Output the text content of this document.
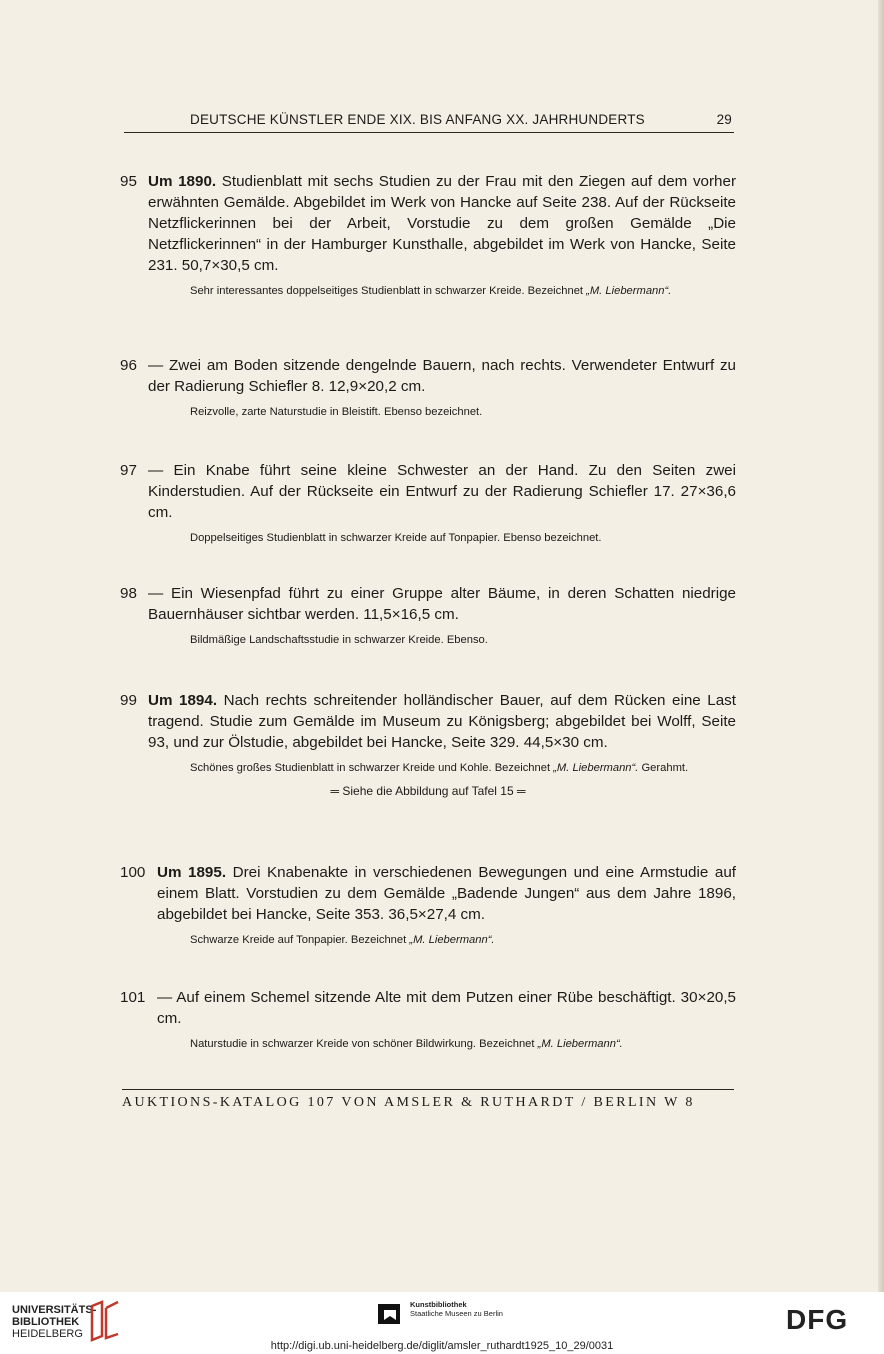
DEUTSCHE KÜNSTLER ENDE XIX. BIS ANFANG XX. JAHRHUNDERTS	29

95 Um 1890. Studienblatt mit sechs Studien zu der Frau mit den Ziegen auf dem vorher erwähnten Gemälde. Abgebildet im Werk von Hancke auf Seite 238. Auf der Rückseite Netzflickerinnen bei der Arbeit, Vorstudie zu dem großen Gemälde „Die Netzflickerinnen“ in der Hamburger Kunsthalle, abgebildet im Werk von Hancke, Seite 231. 50,7×30,5 cm.

Sehr interessantes doppelseitiges Studienblatt in schwarzer Kreide. Bezeichnet „M. Liebermann“.

96 — Zwei am Boden sitzende dengelnde Bauern, nach rechts. Verwendeter Entwurf zu der Radierung Schiefler 8. 12,9×20,2 cm.

Reizvolle, zarte Naturstudie in Bleistift. Ebenso bezeichnet.

97 — Ein Knabe führt seine kleine Schwester an der Hand. Zu den Seiten zwei Kinderstudien. Auf der Rückseite ein Entwurf zu der Radierung Schiefler 17. 27×36,6 cm.

Doppelseitiges Studienblatt in schwarzer Kreide auf Tonpapier. Ebenso bezeichnet.

98 — Ein Wiesenpfad führt zu einer Gruppe alter Bäume, in deren Schatten niedrige Bauernhäuser sichtbar werden. 11,5×16,5 cm.

Bildmäßige Landschaftsstudie in schwarzer Kreide. Ebenso.

99 Um 1894. Nach rechts schreitender holländischer Bauer, auf dem Rücken eine Last tragend. Studie zum Gemälde im Museum zu Königsberg; abgebildet bei Wolff, Seite 93, und zur Ölstudie, abgebildet bei Hancke, Seite 329. 44,5×30 cm.

Schönes großes Studienblatt in schwarzer Kreide und Kohle. Bezeichnet „M. Liebermann“. Gerahmt.

═ Siehe die Abbildung auf Tafel 15 ═

100 Um 1895. Drei Knabenakte in verschiedenen Bewegungen und eine Armstudie auf einem Blatt. Vorstudien zu dem Gemälde „Badende Jungen“ aus dem Jahre 1896, abgebildet bei Hancke, Seite 353. 36,5×27,4 cm.

Schwarze Kreide auf Tonpapier. Bezeichnet „M. Liebermann“.

101 — Auf einem Schemel sitzende Alte mit dem Putzen einer Rübe beschäftigt. 30×20,5 cm.

Naturstudie in schwarzer Kreide von schöner Bildwirkung. Bezeichnet „M. Liebermann“.

AUKTIONS-KATALOG 107 VON AMSLER & RUTHARDT / BERLIN W 8
UNIVERSITÄTS-
BIBLIOTHEK
HEIDELBERG
Kunstbibliothek
Staatliche Museen zu Berlin	DFG
http://digi.ub.uni-heidelberg.de/diglit/amsler_ruthardt1925_10_29/0031
